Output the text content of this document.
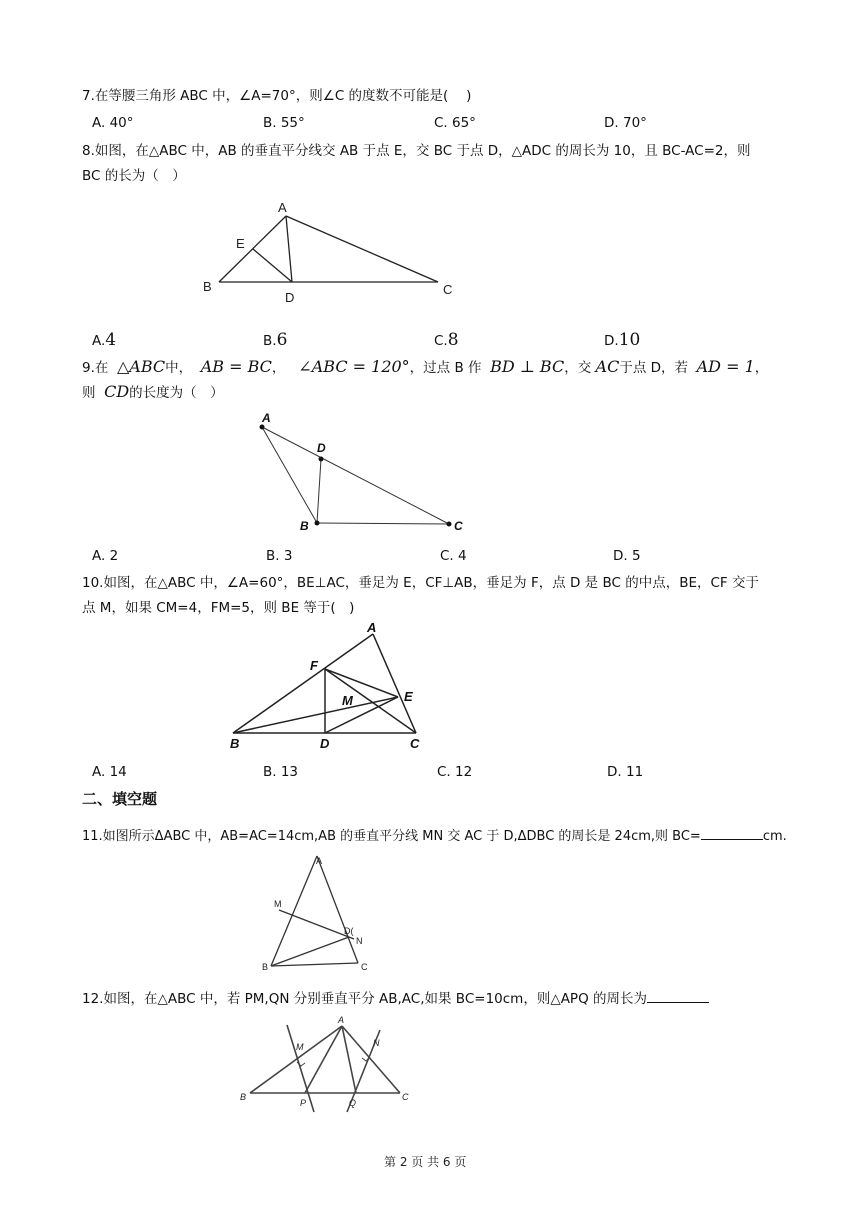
7.在等腰三角形 ABC 中，∠A=70°，则∠C 的度数不可能是(　 )
A. 40°	B. 55°	C. 65°	D. 70°
8.如图，在△ABC 中，AB 的垂直平分线交 AB 于点 E，交 BC 于点 D，△ADC 的周长为 10，且 BC-AC=2，则
BC 的长为（　）
A
E
B
D
C
A.4	B.6	C.8	D.10
9.在 △ABC中， AB = BC， ∠ABC = 120°，过点 B 作 BD ⊥ BC，交 AC于点 D，若 AD = 1，
则 CD的长度为（　）
A
D
B	C
A. 2	B. 3	C. 4	D. 5
10.如图，在△ABC 中，∠A=60°，BE⊥AC，垂足为 E，CF⊥AB，垂足为 F，点 D 是 BC 的中点，BE，CF 交于
点 M，如果 CM=4，FM=5，则 BE 等于(　)
A
F
M	E
B	D	C
A. 14	B. 13	C. 12	D. 11
二、填空题
11.如图所示ΔABC 中，AB=AC=14cm,AB 的垂直平分线 MN 交 AC 于 D,ΔDBC 的周长是 24cm,则 BC=	cm.
A
M
D(
N
B	C
12.如图，在△ABC 中，若 PM,QN 分别垂直平分 AB,AC,如果 BC=10cm，则△APQ 的周长为
A
M	N
B
P	Q
C
第 2 页 共 6 页
